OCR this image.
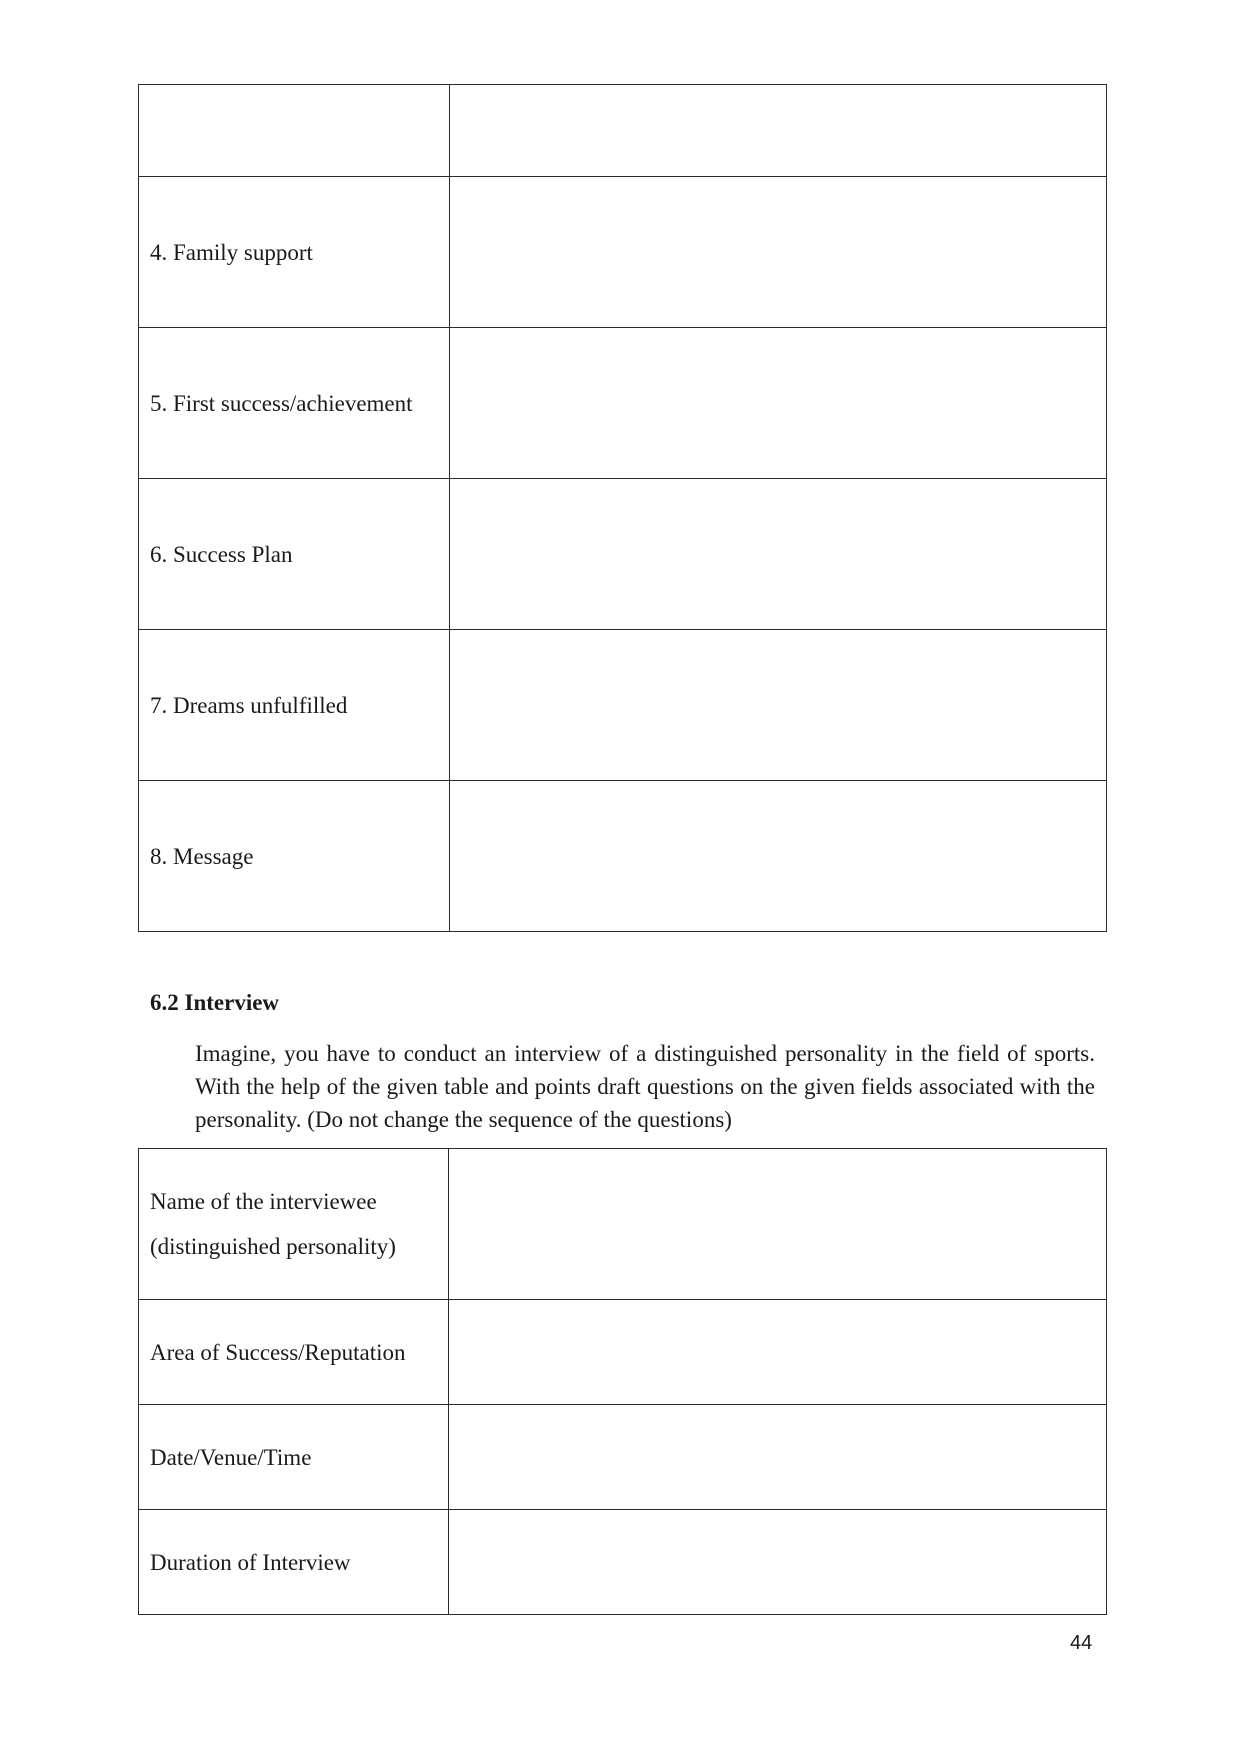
4. Family support	
5. First success/achievement	
6. Success Plan	
7. Dreams unfulfilled	
8. Message	
6.2 Interview
Imagine, you have to conduct an interview of a distinguished personality in the field of sports. With the help of the given table and points draft questions on the given fields associated with the personality. (Do not change the sequence of the questions)
Name of the interviewee
(distinguished personality)	

Area of Success/Reputation	
Date/Venue/Time	
Duration of Interview	
44
